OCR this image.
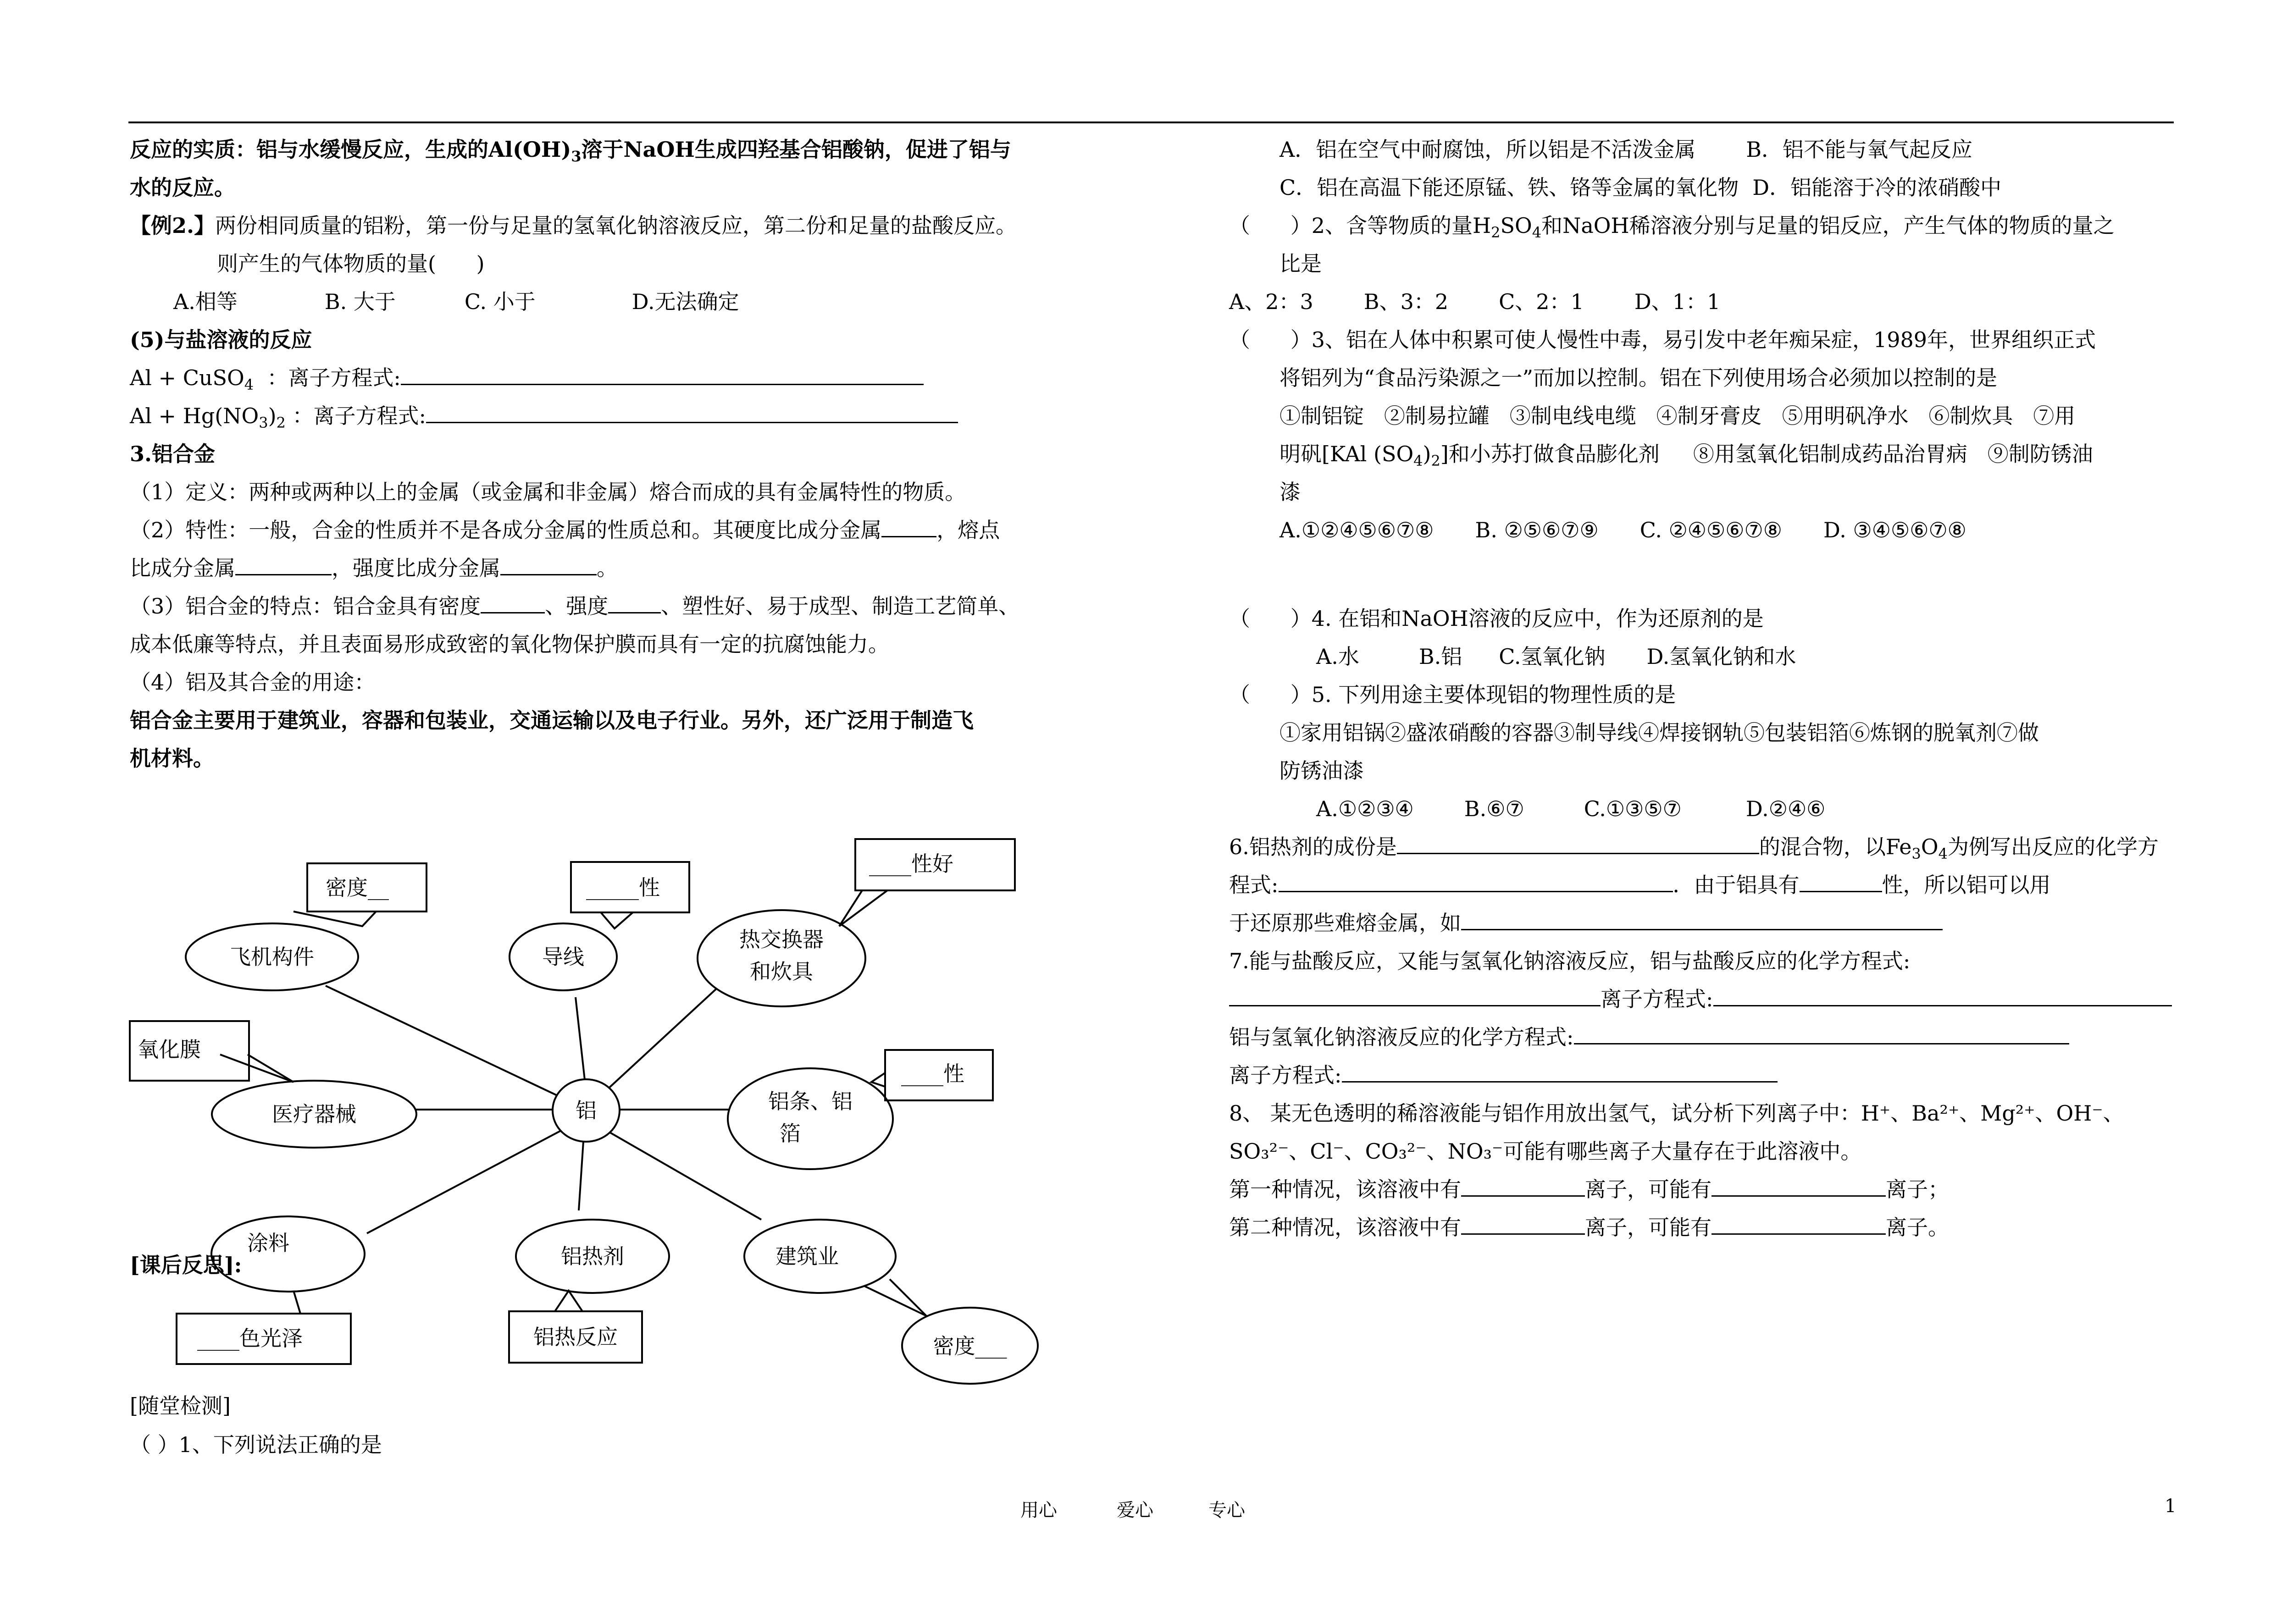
反应的实质：铝与水缓慢反应，生成的$Al(OH)_3$溶于NaOH生成四羟基合铝酸钠，促进了铝与
水的反应。
【例2.】两份相同质量的铝粉，第一份与足量的氢氧化钠溶液反应，第二份和足量的盐酸反应。
则产生的气体物质的量(      )
A.相等	B. 大于	C. 小于	D.无法确定
(5)与盐溶液的反应
Al + CuSO$_4$ ：离子方程式:
$Al + Hg(NO_3)_2$ ：离子方程式:
3.铝合金
（1）定义：两种或两种以上的金属（或金属和非金属）熔合而成的具有金属特性的物质。
（2）特性：一般，合金的性质并不是各成分金属的性质总和。其硬度比成分金属	，熔点
比成分金属	，强度比成分金属	。
（3）铝合金的特点：铝合金具有密度	、强度	、塑性好、易于成型、制造工艺简单、
成本低廉等特点，并且表面易形成致密的氧化物保护膜而具有一定的抗腐蚀能力。
（4）铝及其合金的用途：
铝合金主要用于建筑业，容器和包装业，交通运输以及电子行业。另外，还广泛用于制造飞
机材料。
铝
飞机构件
密度__
导线
_____性
热交换器
和炊具
____性好
医疗器械
氧化膜
铝条、铝
箔
____性
涂料
____色光泽
铝热剂
铝热反应
建筑业
密度___
[课后反思]:
[随堂检测]
（ ）1、下列说法正确的是
A．铝在空气中耐腐蚀，所以铝是不活泼金属 B．铝不能与氧气起反应
C．铝在高温下能还原锰、铁、铬等金属的氧化物 D．铝能溶于冷的浓硝酸中
（      ）2、含等物质的量$H_2SO_4$和NaOH稀溶液分别与足量的铝反应，产生气体的物质的量之
比是
A、2：3 B、3：2 C、2：1 D、1：1
（      ）3、铝在人体中积累可使人慢性中毒，易引发中老年痴呆症，1989年，世界组织正式
将铝列为“食品污染源之一”而加以控制。铝在下列使用场合必须加以控制的是
①制铝锭   ②制易拉罐   ③制电线电缆   ④制牙膏皮   ⑤用明矾净水   ⑥制炊具   ⑦用
明矾[KAl $(SO_4)_2$]和小苏打做食品膨化剂     ⑧用氢氧化铝制成药品治胃病   ⑨制防锈油
漆
A.①②④⑤⑥⑦⑧ B. ②⑤⑥⑦⑨ C. ②④⑤⑥⑦⑧ D. ③④⑤⑥⑦⑧
（      ）4. 在铝和NaOH溶液的反应中，作为还原剂的是
A.水	B.铝 C.氢氧化钠 D.氢氧化钠和水
（      ）5. 下列用途主要体现铝的物理性质的是
①家用铝锅②盛浓硝酸的容器③制导线④焊接钢轨⑤包装铝箔⑥炼钢的脱氧剂⑦做
防锈油漆
A.①②③④ B.⑥⑦	C.①③⑤⑦	D.②④⑥
6.铝热剂的成份是	的混合物，以$Fe_3O_4$为例写出反应的化学方
程式:	．由于铝具有	性，所以铝可以用
于还原那些难熔金属，如
7.能与盐酸反应，又能与氢氧化钠溶液反应，铝与盐酸反应的化学方程式:
离子方程式:
铝与氢氧化钠溶液反应的化学方程式:
离子方程式:
8、 某无色透明的稀溶液能与铝作用放出氢气，试分析下列离子中：H⁺、Ba²⁺、Mg²⁺、OH⁻、
SO₃²⁻、Cl⁻、CO₃²⁻、NO₃⁻可能有哪些离子大量存在于此溶液中。
第一种情况，该溶液中有	离子，可能有	离子；
第二种情况，该溶液中有	离子，可能有	离子。
用心	爱心	专心	1
